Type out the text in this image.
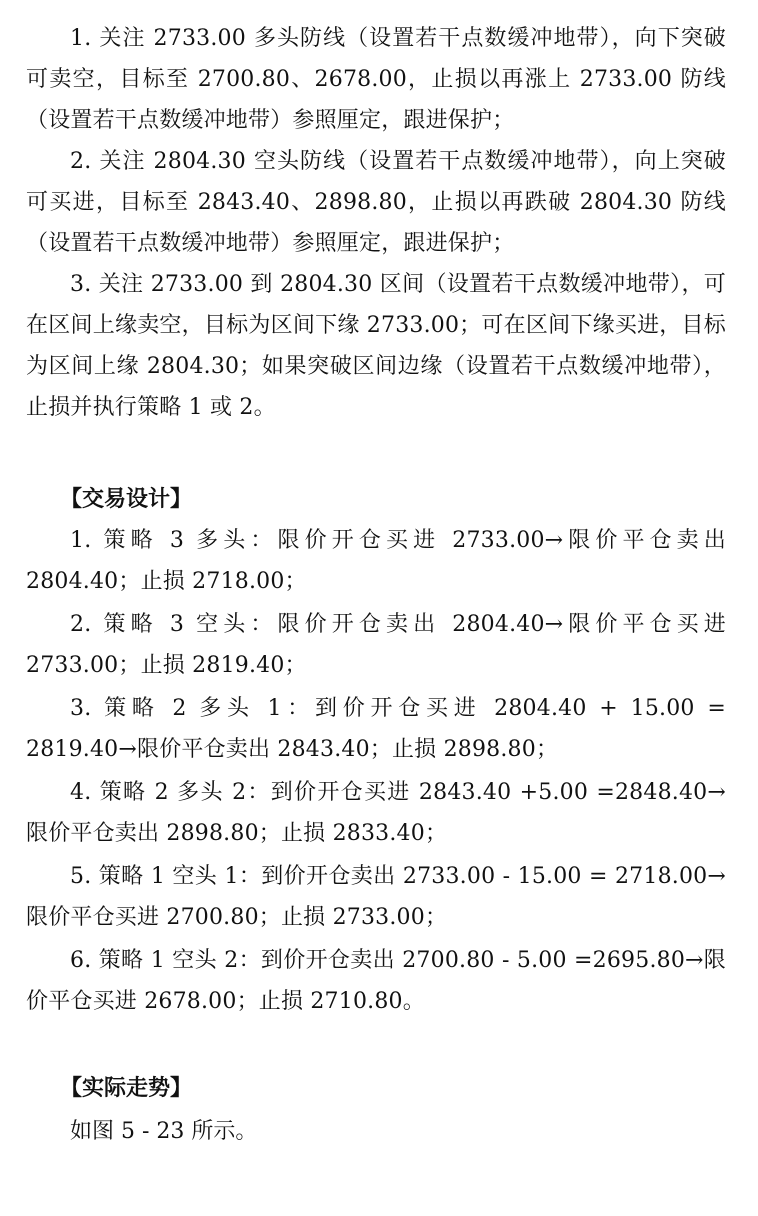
1. 关注 2733.00 多头防线（设置若干点数缓冲地带），向下突破可卖空，目标至 2700.80、2678.00，止损以再涨上 2733.00 防线（设置若干点数缓冲地带）参照厘定，跟进保护；

2. 关注 2804.30 空头防线（设置若干点数缓冲地带），向上突破可买进，目标至 2843.40、2898.80，止损以再跌破 2804.30 防线（设置若干点数缓冲地带）参照厘定，跟进保护；

3. 关注 2733.00 到 2804.30 区间（设置若干点数缓冲地带），可在区间上缘卖空，目标为区间下缘 2733.00；可在区间下缘买进，目标为区间上缘 2804.30；如果突破区间边缘（设置若干点数缓冲地带），止损并执行策略 1 或 2。

【交易设计】

1. 策略 3 多头：限价开仓买进 2733.00→限价平仓卖出 2804.40；止损 2718.00；

2. 策略 3 空头：限价开仓卖出 2804.40→限价平仓买进 2733.00；止损 2819.40；

3. 策略 2 多头 1：到价开仓买进 2804.40 + 15.00 = 2819.40→限价平仓卖出 2843.40；止损 2898.80；

4. 策略 2 多头 2：到价开仓买进 2843.40 +5.00 =2848.40→限价平仓卖出 2898.80；止损 2833.40；

5. 策略 1 空头 1：到价开仓卖出 2733.00 - 15.00 = 2718.00→限价平仓买进 2700.80；止损 2733.00；

6. 策略 1 空头 2：到价开仓卖出 2700.80 - 5.00 =2695.80→限价平仓买进 2678.00；止损 2710.80。

【实际走势】

如图 5 - 23 所示。
